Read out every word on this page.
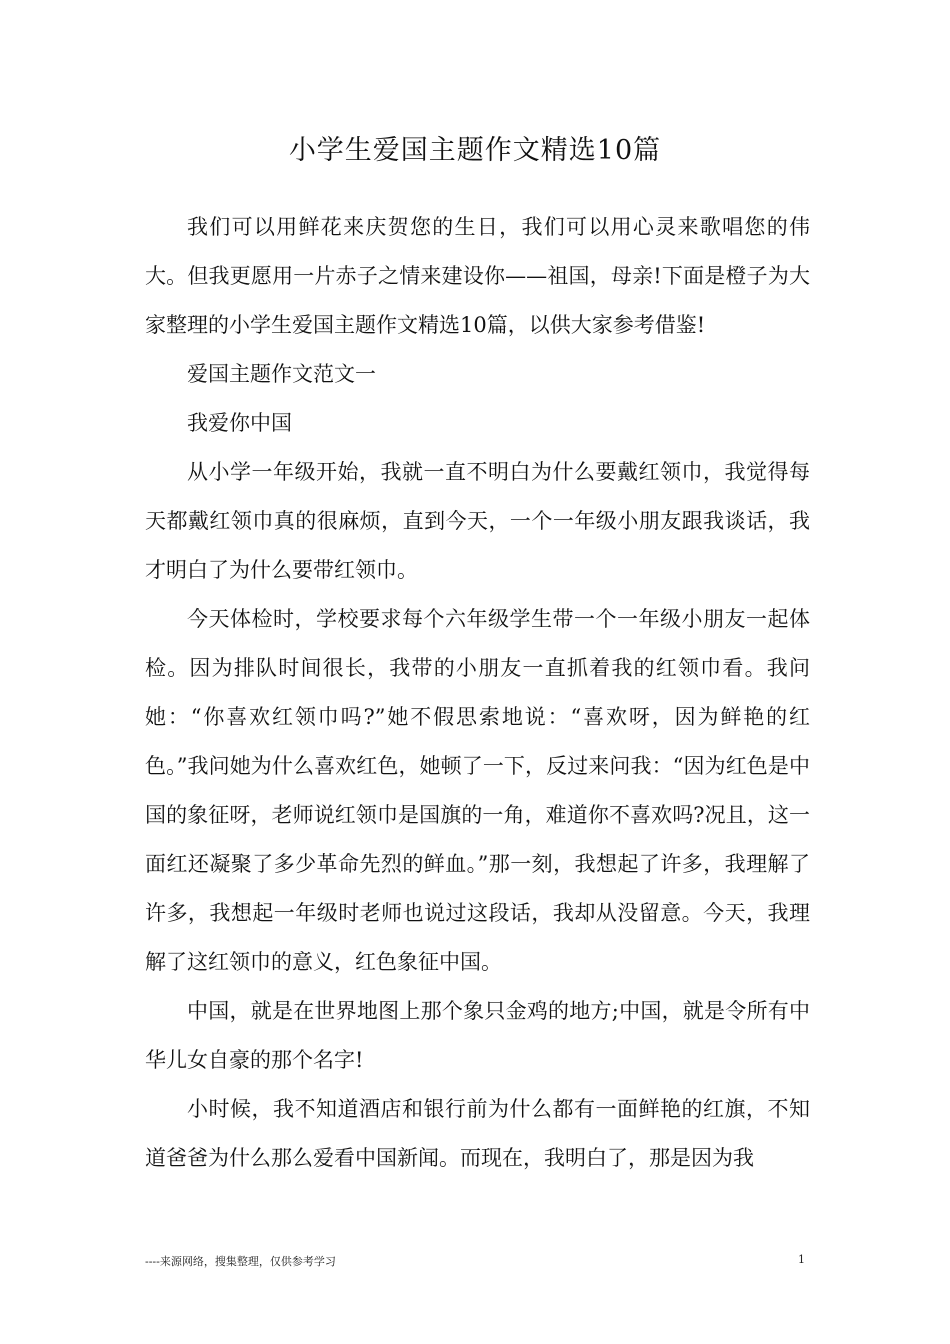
小学生爱国主题作文精选10篇

我们可以用鲜花来庆贺您的生日，我们可以用心灵来歌唱您的伟大。但我更愿用一片赤子之情来建设你——祖国，母亲!下面是橙子为大家整理的小学生爱国主题作文精选10篇，以供大家参考借鉴!

爱国主题作文范文一

我爱你中国

从小学一年级开始，我就一直不明白为什么要戴红领巾，我觉得每天都戴红领巾真的很麻烦，直到今天，一个一年级小朋友跟我谈话，我才明白了为什么要带红领巾。

今天体检时，学校要求每个六年级学生带一个一年级小朋友一起体检。因为排队时间很长，我带的小朋友一直抓着我的红领巾看。我问她：“你喜欢红领巾吗?”她不假思索地说：“喜欢呀，因为鲜艳的红色。”我问她为什么喜欢红色，她顿了一下，反过来问我：“因为红色是中国的象征呀，老师说红领巾是国旗的一角，难道你不喜欢吗?况且，这一面红还凝聚了多少革命先烈的鲜血。”那一刻，我想起了许多，我理解了许多，我想起一年级时老师也说过这段话，我却从没留意。今天，我理解了这红领巾的意义，红色象征中国。

中国，就是在世界地图上那个象只金鸡的地方;中国，就是令所有中华儿女自豪的那个名字!

小时候，我不知道酒店和银行前为什么都有一面鲜艳的红旗，不知道爸爸为什么那么爱看中国新闻。而现在，我明白了，那是因为我

----来源网络，搜集整理，仅供参考学习	1
